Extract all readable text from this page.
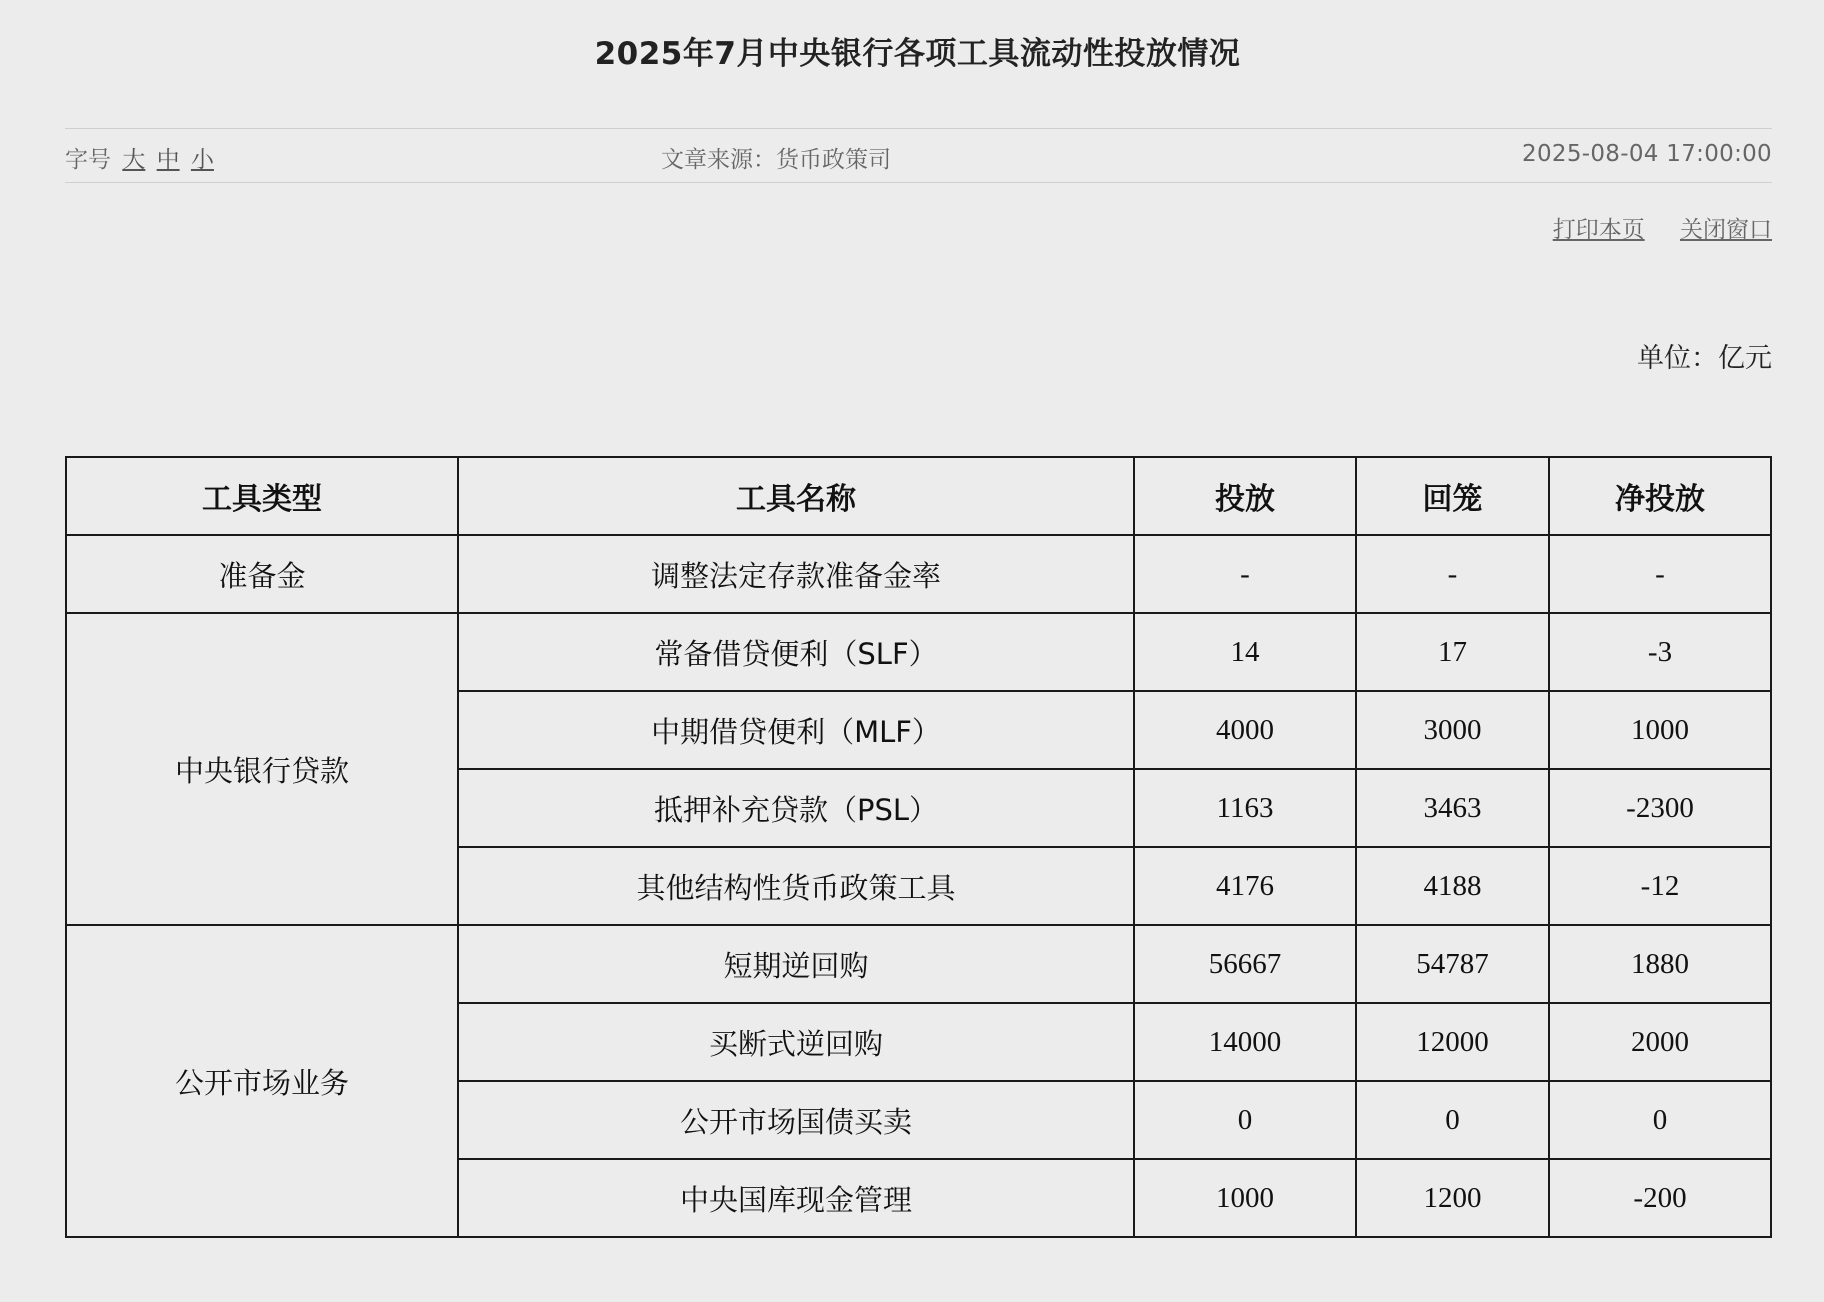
2025年7月中央银行各项工具流动性投放情况
字号 大 中 小	文章来源：货币政策司	2025-08-04 17:00:00
打印本页 关闭窗口
单位：亿元
工具类型	工具名称	投放	回笼	净投放
准备金	调整法定存款准备金率	-	-	-
中央银行贷款	常备借贷便利（SLF）	14	17	-3
	中期借贷便利（MLF）	4000	3000	1000
	抵押补充贷款（PSL）	1163	3463	-2300
	其他结构性货币政策工具	4176	4188	-12
公开市场业务	短期逆回购	56667	54787	1880
	买断式逆回购	14000	12000	2000
	公开市场国债买卖	0	0	0
	中央国库现金管理	1000	1200	-200
